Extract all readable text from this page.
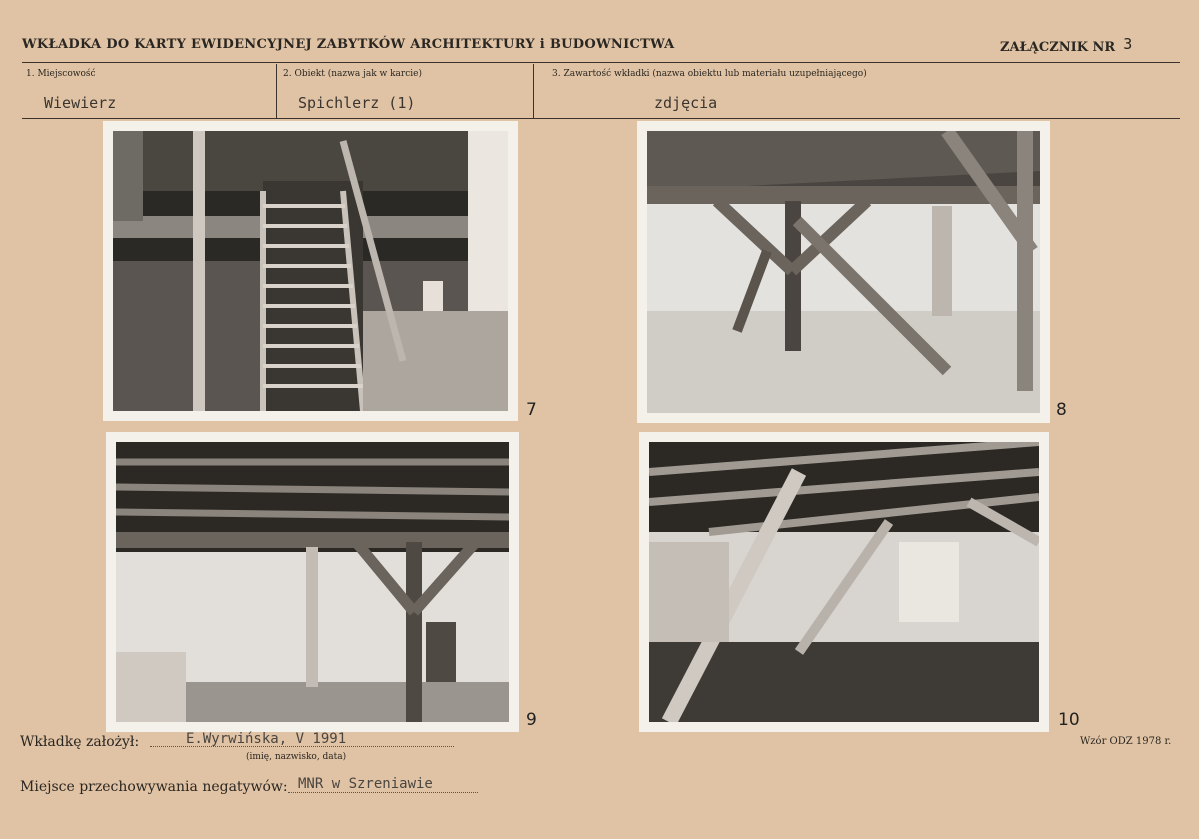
WKŁADKA DO KARTY EWIDENCYJNEJ ZABYTKÓW ARCHITEKTURY i BUDOWNICTWA	ZAŁĄCZNIK NR 3
1. Miejscowość
Wiewierz
2. Obiekt (nazwa jak w karcie)
Spichlerz (1)
3. Zawartość wkładki (nazwa obiektu lub materiału uzupełniającego)
zdjęcia
7	8
9	10
Wkładkę założył:	E.Wyrwińska, V 1991
(imię, nazwisko, data)
Wzór ODZ 1978 r.
Miejsce przechowywania negatywów: MNR w Szreniawie
